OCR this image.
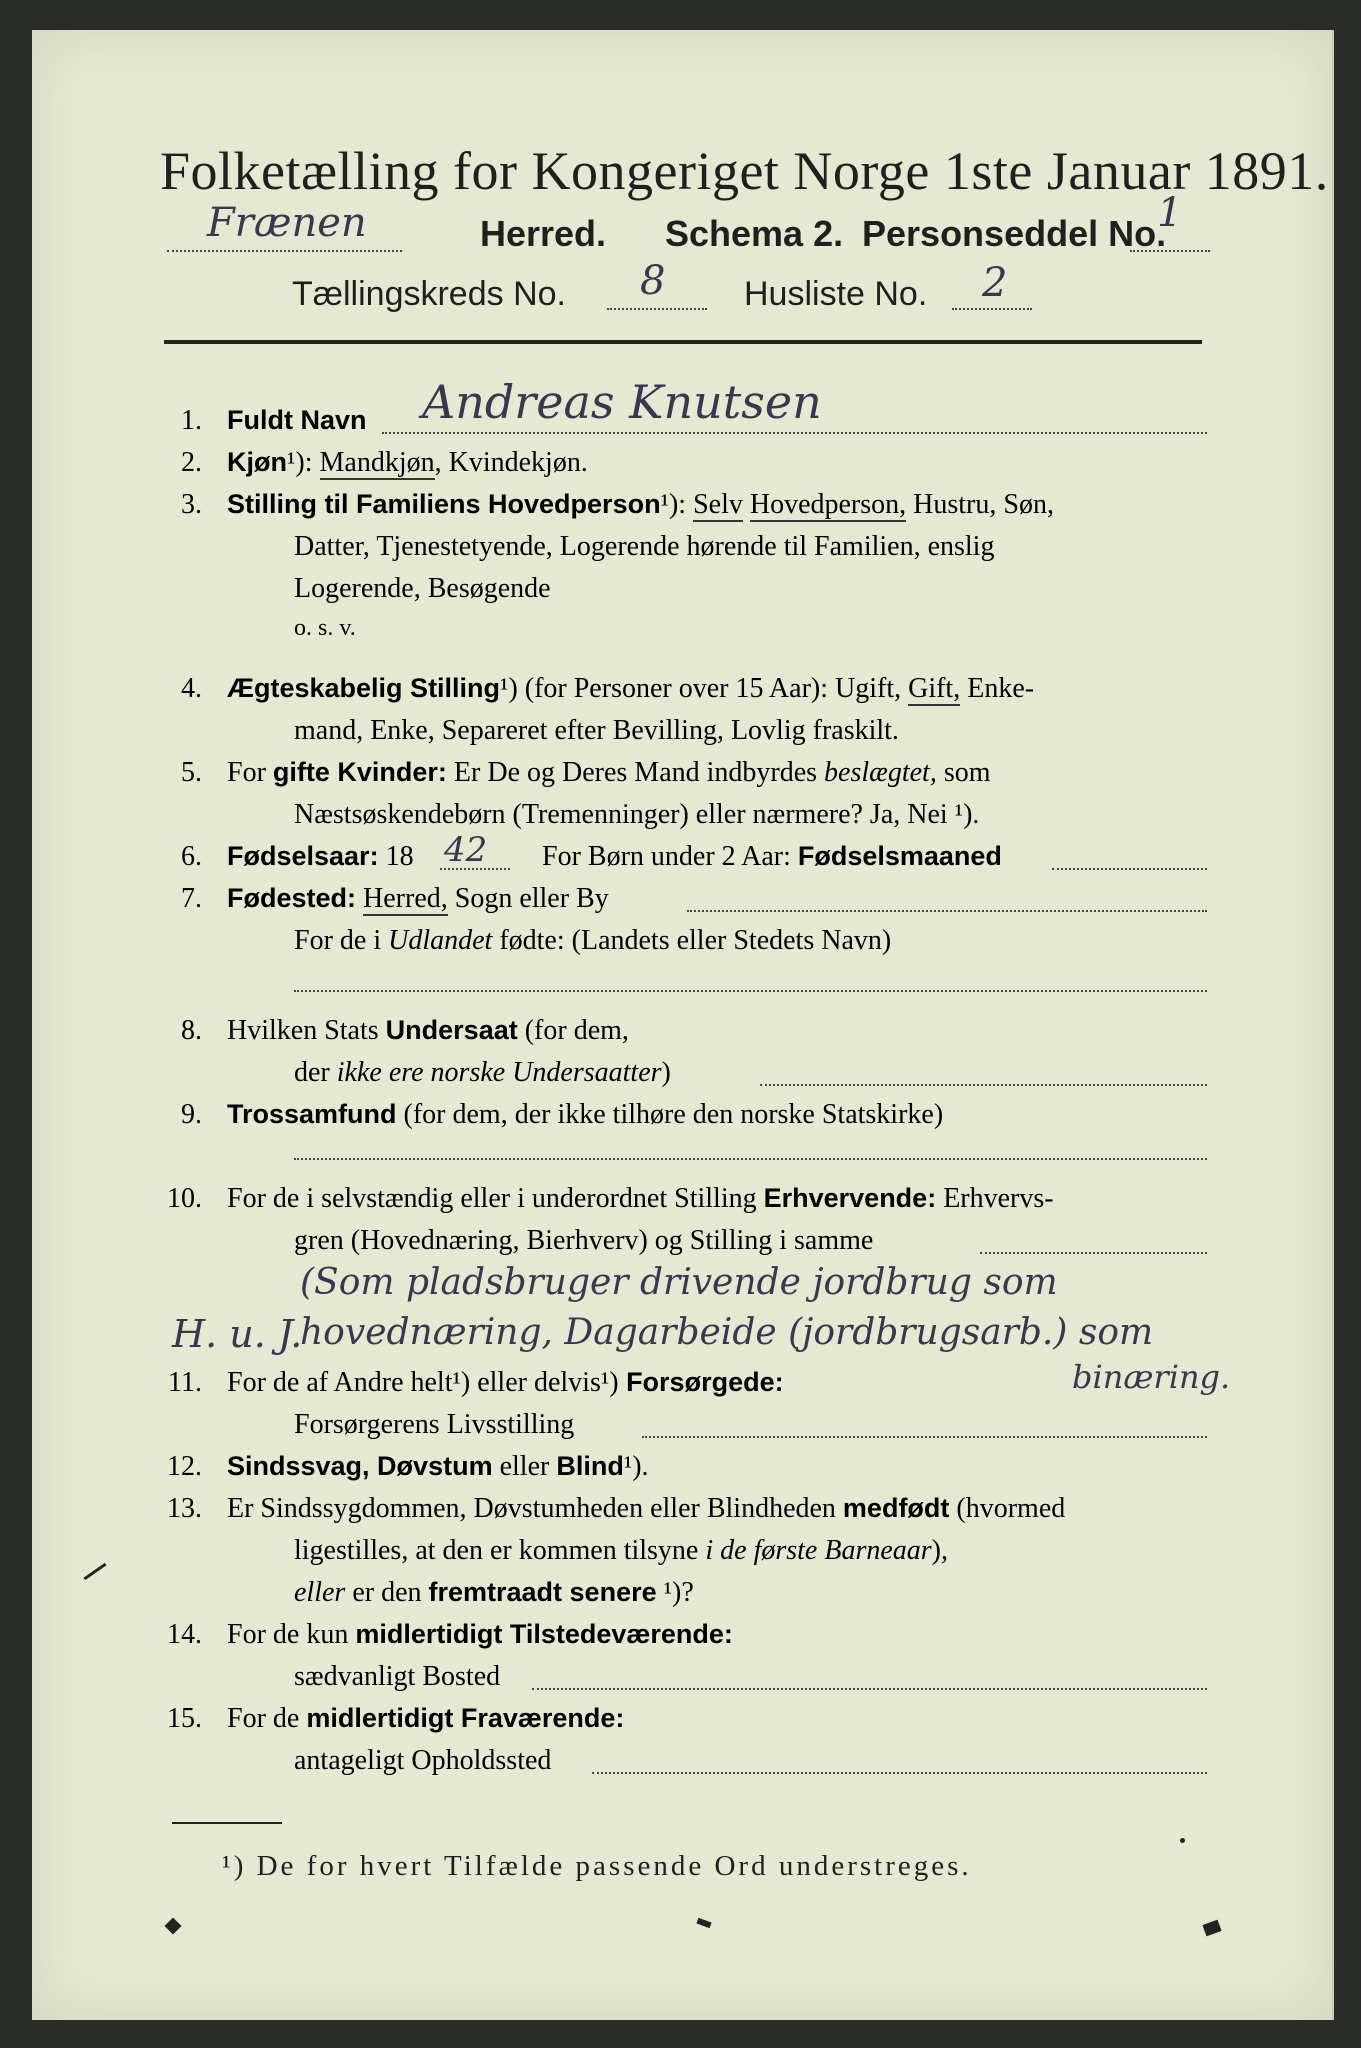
Folketælling for Kongeriget Norge 1ste Januar 1891.
Frænen	Herred. Schema 2. Personseddel No.
1
Tællingskreds No. 8 Husliste No. 2
1. Fuldt Navn Andreas Knutsen
2. Kjøn¹): Mandkjøn, Kvindekjøn.
3. Stilling til Familiens Hovedperson¹): Selv Hovedperson, Hustru, Søn,
Datter, Tjenestetyende, Logerende hørende til Familien, enslig
Logerende, Besøgende
o. s. v.
4. Ægteskabelig Stilling¹) (for Personer over 15 Aar): Ugift, Gift, Enke-
mand, Enke, Separeret efter Bevilling, Lovlig fraskilt.
5. For gifte Kvinder: Er De og Deres Mand indbyrdes beslægtet, som
Næstsøskendebørn (Tremenninger) eller nærmere? Ja, Nei ¹).
6. Fødselsaar: 18 42 For Børn under 2 Aar: Fødselsmaaned
7. Fødested: Herred, Sogn eller By
For de i Udlandet fødte: (Landets eller Stedets Navn)
8. Hvilken Stats Undersaat (for dem,
der ikke ere norske Undersaatter)
9. Trossamfund (for dem, der ikke tilhøre den norske Statskirke)
10. For de i selvstændig eller i underordnet Stilling Erhvervende: Erhvervs-
gren (Hovednæring, Bierhverv) og Stilling i samme
(Som pladsbruger drivende jordbrug som
H. u. J.
hovednæring, Dagarbeide (jordbrugsarb.) som
binæring.
11. For de af Andre helt¹) eller delvis¹) Forsørgede:
Forsørgerens Livsstilling
12. Sindssvag, Døvstum eller Blind¹).
13. Er Sindssygdommen, Døvstumheden eller Blindheden medfødt (hvormed
ligestilles, at den er kommen tilsyne i de første Barneaar),
eller er den fremtraadt senere ¹)?
14. For de kun midlertidigt Tilstedeværende:
sædvanligt Bosted
15. For de midlertidigt Fraværende:
antageligt Opholdssted
¹) De for hvert Tilfælde passende Ord understreges.
